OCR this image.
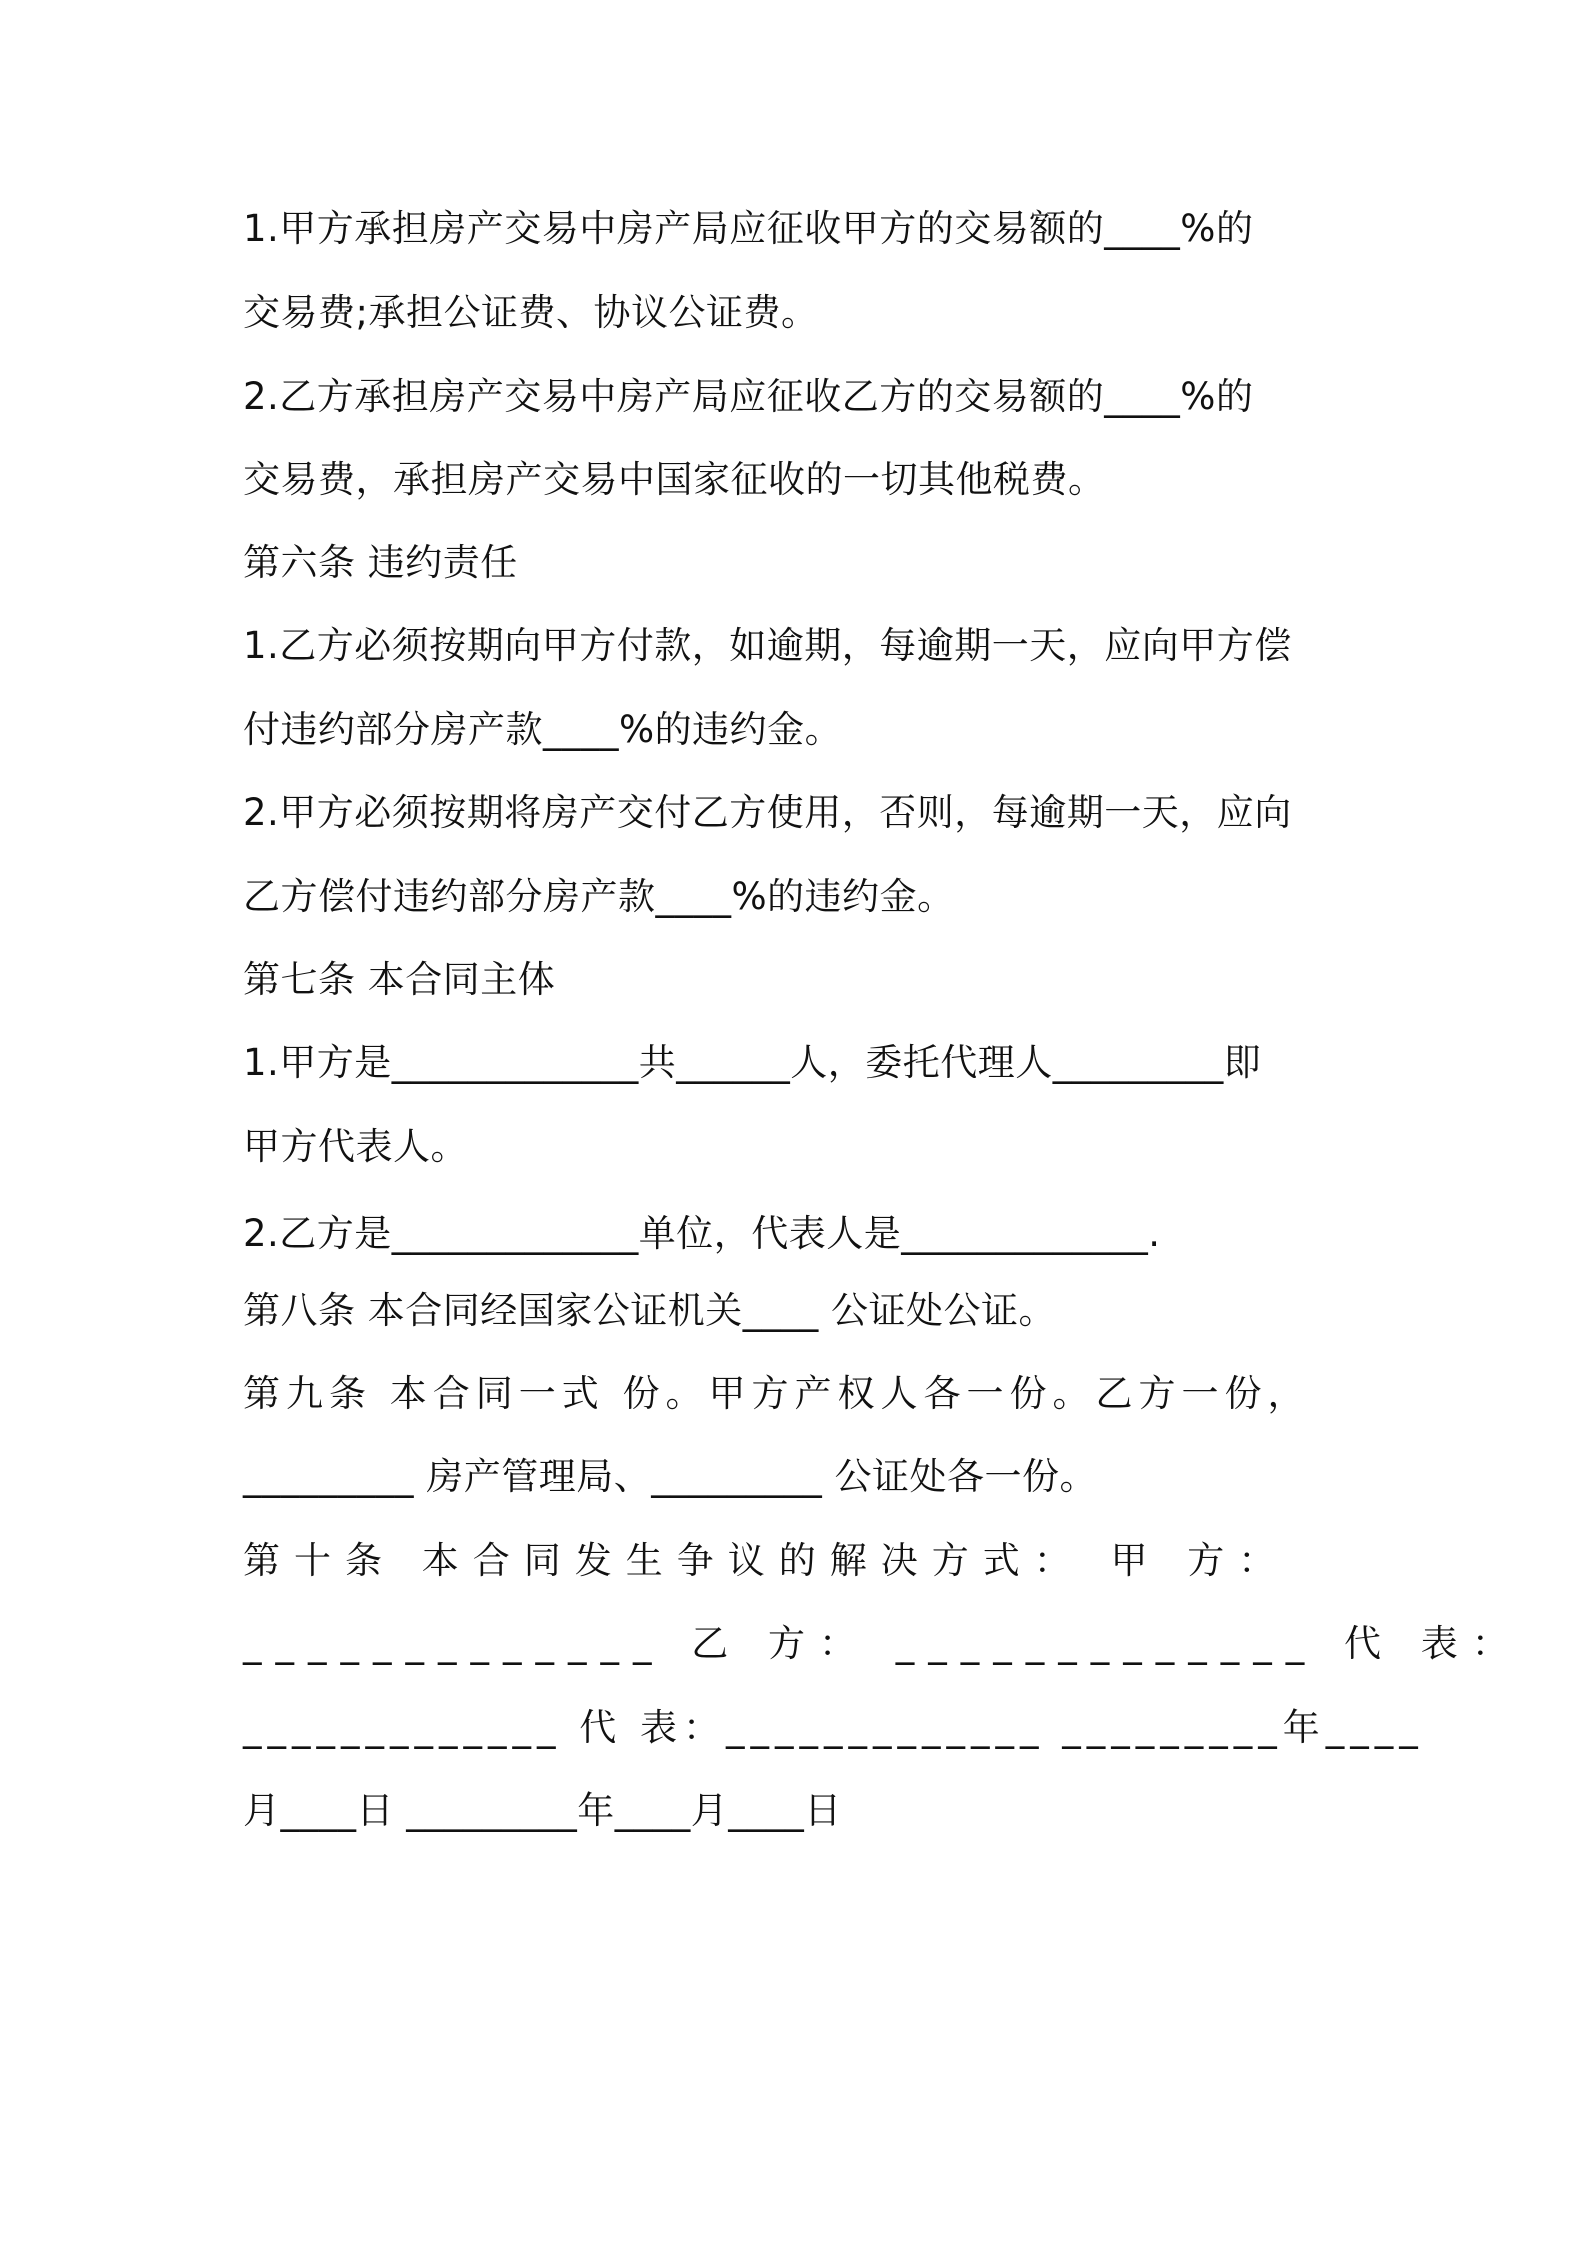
1.甲方承担房产交易中房产局应征收甲方的交易额的____%的
交易费;承担公证费、协议公证费。
2.乙方承担房产交易中房产局应征收乙方的交易额的____%的
交易费，承担房产交易中国家征收的一切其他税费。
第六条 违约责任
1.乙方必须按期向甲方付款，如逾期，每逾期一天，应向甲方偿
付违约部分房产款____%的违约金。
2.甲方必须按期将房产交付乙方使用，否则，每逾期一天，应向
乙方偿付违约部分房产款____%的违约金。
第七条 本合同主体
1.甲方是_____________共______人，委托代理人_________即
甲方代表人。
2.乙方是_____________单位，代表人是_____________.
第八条 本合同经国家公证机关____ 公证处公证。
第九条 本合同一式 份。甲方产权人各一份。乙方一份，
_________ 房产管理局、_________ 公证处各一份。
第十条 本合同发生争议的解决方式： 甲 方：
_____________ 乙 方： _____________ 代 表：
_____________ 代 表：_____________ _________年____
月____日 _________年____月____日
